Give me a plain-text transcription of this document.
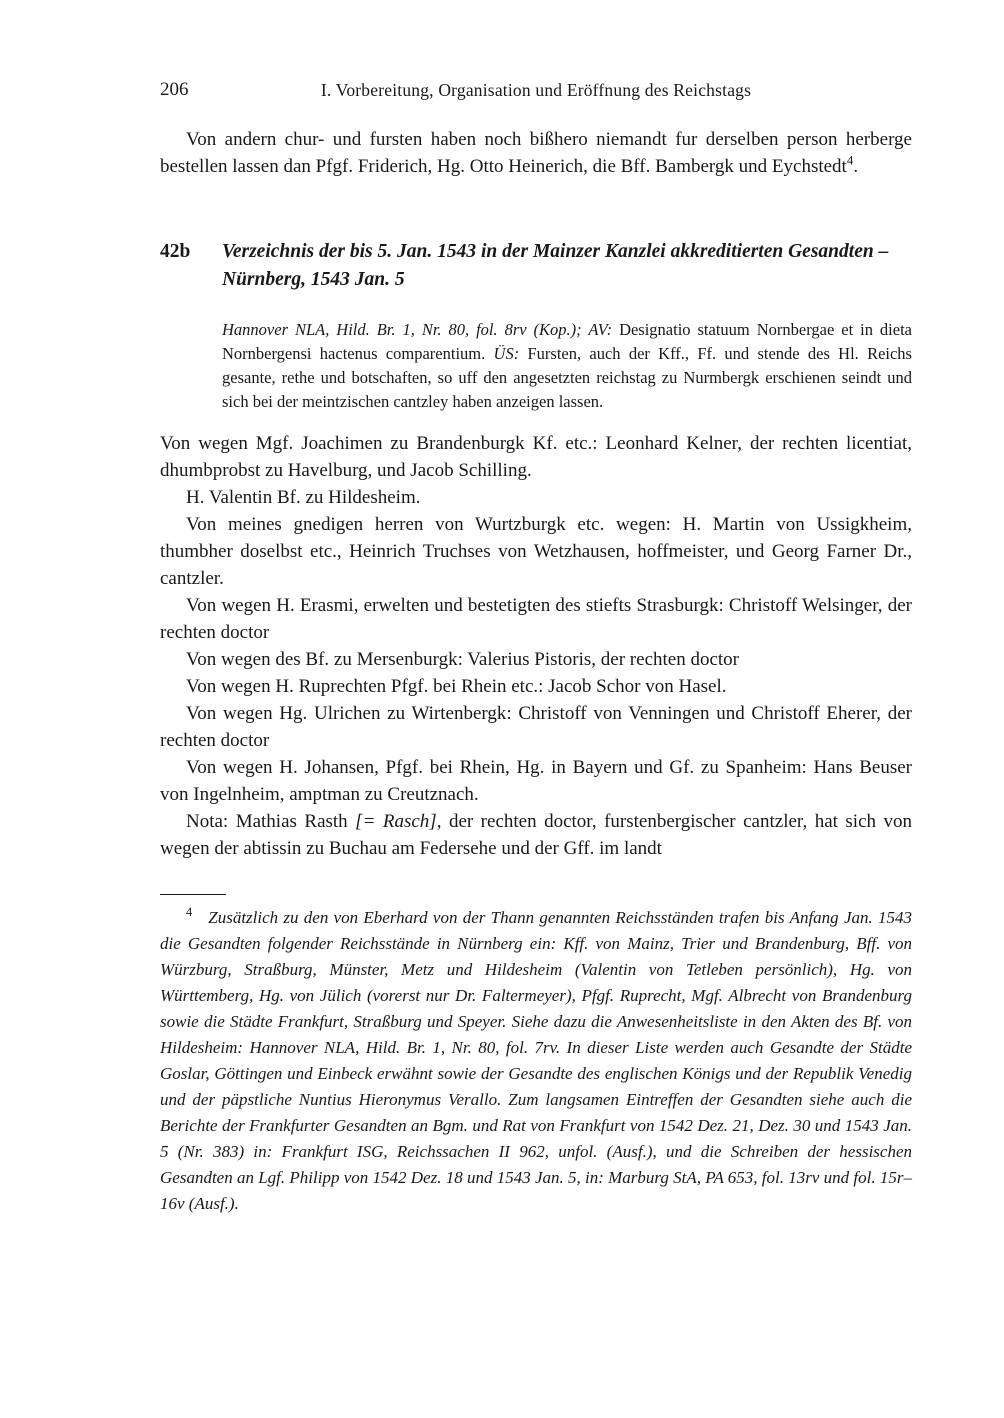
206	I. Vorbereitung, Organisation und Eröffnung des Reichstags

Von andern chur- und fursten haben noch bißhero niemandt fur derselben person herberge bestellen lassen dan Pfgf. Friderich, Hg. Otto Heinerich, die Bff. Bambergk und Eychstedt$^4$.

42b	Verzeichnis der bis 5. Jan. 1543 in der Mainzer Kanzlei akkreditierten Gesandten – Nürnberg, 1543 Jan. 5

Hannover NLA, Hild. Br. 1, Nr. 80, fol. 8rv (Kop.); AV: Designatio statuum Nornbergae et in dieta Nornbergensi hactenus comparentium. ÜS: Fursten, auch der Kff., Ff. und stende des Hl. Reichs gesante, rethe und botschaften, so uff den angesetzten reichstag zu Nurmbergk erschienen seindt und sich bei der meintzischen cantzley haben anzeigen lassen.

Von wegen Mgf. Joachimen zu Brandenburgk Kf. etc.: Leonhard Kelner, der rechten licentiat, dhumbprobst zu Havelburg, und Jacob Schilling.

H. Valentin Bf. zu Hildesheim.

Von meines gnedigen herren von Wurtzburgk etc. wegen: H. Martin von Ussigkheim, thumbher doselbst etc., Heinrich Truchses von Wetzhausen, hoffmeister, und Georg Farner Dr., cantzler.

Von wegen H. Erasmi, erwelten und bestetigten des stiefts Strasburgk: Christoff Welsinger, der rechten doctor

Von wegen des Bf. zu Mersenburgk: Valerius Pistoris, der rechten doctor

Von wegen H. Ruprechten Pfgf. bei Rhein etc.: Jacob Schor von Hasel.

Von wegen Hg. Ulrichen zu Wirtenbergk: Christoff von Venningen und Christoff Eherer, der rechten doctor

Von wegen H. Johansen, Pfgf. bei Rhein, Hg. in Bayern und Gf. zu Spanheim: Hans Beuser von Ingelnheim, amptman zu Creutznach.

Nota: Mathias Rasth [= Rasch], der rechten doctor, furstenbergischer cantzler, hat sich von wegen der abtissin zu Buchau am Federsehe und der Gff. im landt

$^4$ Zusätzlich zu den von Eberhard von der Thann genannten Reichsständen trafen bis Anfang Jan. 1543 die Gesandten folgender Reichsstände in Nürnberg ein: Kff. von Mainz, Trier und Brandenburg, Bff. von Würzburg, Straßburg, Münster, Metz und Hildesheim (Valentin von Tetleben persönlich), Hg. von Württemberg, Hg. von Jülich (vorerst nur Dr. Faltermeyer), Pfgf. Ruprecht, Mgf. Albrecht von Brandenburg sowie die Städte Frankfurt, Straßburg und Speyer. Siehe dazu die Anwesenheitsliste in den Akten des Bf. von Hildesheim: Hannover NLA, Hild. Br. 1, Nr. 80, fol. 7rv. In dieser Liste werden auch Gesandte der Städte Goslar, Göttingen und Einbeck erwähnt sowie der Gesandte des englischen Königs und der Republik Venedig und der päpstliche Nuntius Hieronymus Verallo. Zum langsamen Eintreffen der Gesandten siehe auch die Berichte der Frankfurter Gesandten an Bgm. und Rat von Frankfurt von 1542 Dez. 21, Dez. 30 und 1543 Jan. 5 (Nr. 383) in: Frankfurt ISG, Reichssachen II 962, unfol. (Ausf.), und die Schreiben der hessischen Gesandten an Lgf. Philipp von 1542 Dez. 18 und 1543 Jan. 5, in: Marburg StA, PA 653, fol. 13rv und fol. 15r–16v (Ausf.).
